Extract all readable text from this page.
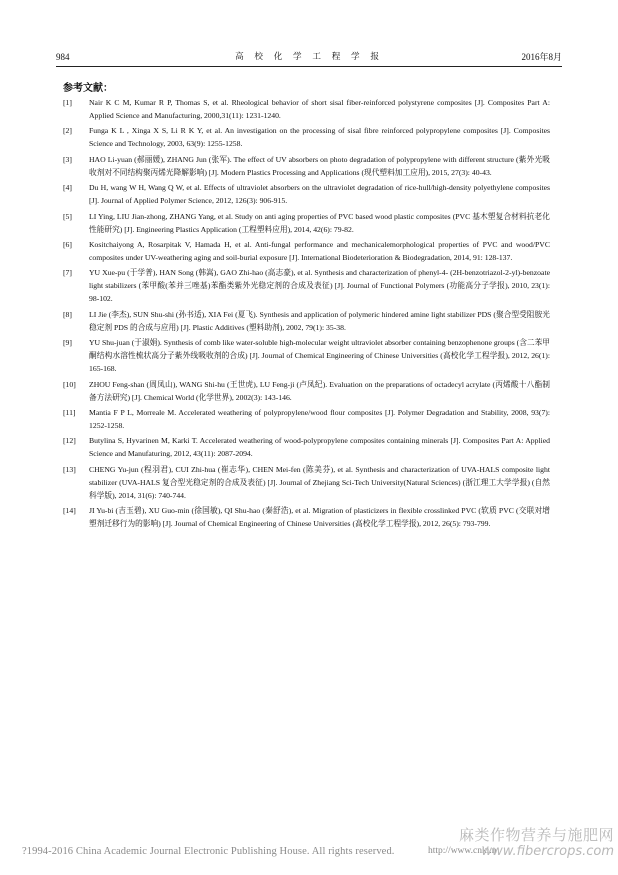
984	高 校 化 学 工 程 学 报	2016年8月
参考文献：
[1] Nair K C M, Kumar R P, Thomas S, et al. Rheological behavior of short sisal fiber-reinforced polystyrene composites [J]. Composites Part A: Applied Science and Manufacturing, 2000,31(11): 1231-1240.
[2] Funga K L , Xinga X S, Li R K Y, et al. An investigation on the processing of sisal fibre reinforced polypropylene composites [J]. Composites Science and Technology, 2003, 63(9): 1255-1258.
[3] HAO Li-yuan (郝丽媛), ZHANG Jun (张军). The effect of UV absorbers on photo degradation of polypropylene with different structure (紫外光吸收剂对不同结构聚丙烯光降解影响) [J]. Modern Plastics Processing and Applications (现代塑料加工应用), 2015, 27(3): 40-43.
[4] Du H, wang W H, Wang Q W, et al. Effects of ultraviolet absorbers on the ultraviolet degradation of rice-hull/high-density polyethylene composites [J]. Journal of Applied Polymer Science, 2012, 126(3): 906-915.
[5] LI Ying, LIU Jian-zhong, ZHANG Yang, et al. Study on anti aging properties of PVC based wood plastic composites (PVC 基木塑复合材料抗老化性能研究) [J]. Engineering Plastics Application (工程塑料应用), 2014, 42(6): 79-82.
[6] Kositchaiyong A, Rosarpitak V, Hamada H, et al. Anti-fungal performance and mechanicalemorphological properties of PVC and wood/PVC composites under UV-weathering aging and soil-burial exposure [J]. International Biodeterioration & Biodegradation, 2014, 91: 128-137.
[7] YU Xue-pu (于学普), HAN Song (韩嵩), GAO Zhi-hao (高志豪), et al. Synthesis and characterization of phenyl-4- (2H-benzotriazol-2-yl)-benzoate light stabilizers (苯甲酸(苯并三唑基)苯酯类紫外光稳定剂的合成及表征) [J]. Journal of Functional Polymers (功能高分子学报), 2010, 23(1): 98-102.
[8] LI Jie (李杰), SUN Shu-shi (孙书适), XIA Fei (夏飞). Synthesis and application of polymeric hindered amine light stabilizer PDS (聚合型受阻胺光稳定剂 PDS 的合成与应用) [J]. Plastic Additives (塑料助剂), 2002, 79(1): 35-38.
[9] YU Shu-juan (于淑娟). Synthesis of comb like water-soluble high-molecular weight ultraviolet absorber containing benzophenone groups (含二苯甲酮结构水溶性梳状高分子紫外线吸收剂的合成) [J]. Journal of Chemical Engineering of Chinese Universities (高校化学工程学报), 2012, 26(1): 165-168.
[10] ZHOU Feng-shan (周凤山), WANG Shi-hu (王世虎), LU Feng-ji (卢凤纪). Evaluation on the preparations of octadecyl acrylate (丙烯酸十八酯制备方法研究) [J]. Chemical World (化学世界), 2002(3): 143-146.
[11] Mantia F P L, Morreale M. Accelerated weathering of polypropylene/wood flour composites [J]. Polymer Degradation and Stability, 2008, 93(7): 1252-1258.
[12] Butylina S, Hyvarinen M, Karki T. Accelerated weathering of wood-polypropylene composites containing minerals [J]. Composites Part A: Applied Science and Manufaturing, 2012, 43(11): 2087-2094.
[13] CHENG Yu-jun (程羽君), CUI Zhi-hua (崔志华), CHEN Mei-fen (陈美芬), et al. Synthesis and characterization of UVA-HALS composite light stabilizer (UVA-HALS 复合型光稳定剂的合成及表征) [J]. Journal of Zhejiang Sci-Tech University(Natural Sciences) (浙江理工大学学报) (自然科学版), 2014, 31(6): 740-744.
[14] JI Yu-bi (吉玉碧), XU Guo-min (徐国敏), QI Shu-hao (秦舒浩), et al. Migration of plasticizers in flexible crosslinked PVC (软质 PVC (交联对增塑剂迁移行为的影响) [J]. Journal of Chemical Engineering of Chinese Universities (高校化学工程学报), 2012, 26(5): 793-799.
?1994-2016 China Academic Journal Electronic Publishing House. All rights reserved.	http://www.cnki.n
麻类作物营养与施肥网
www.fibercrops.com
